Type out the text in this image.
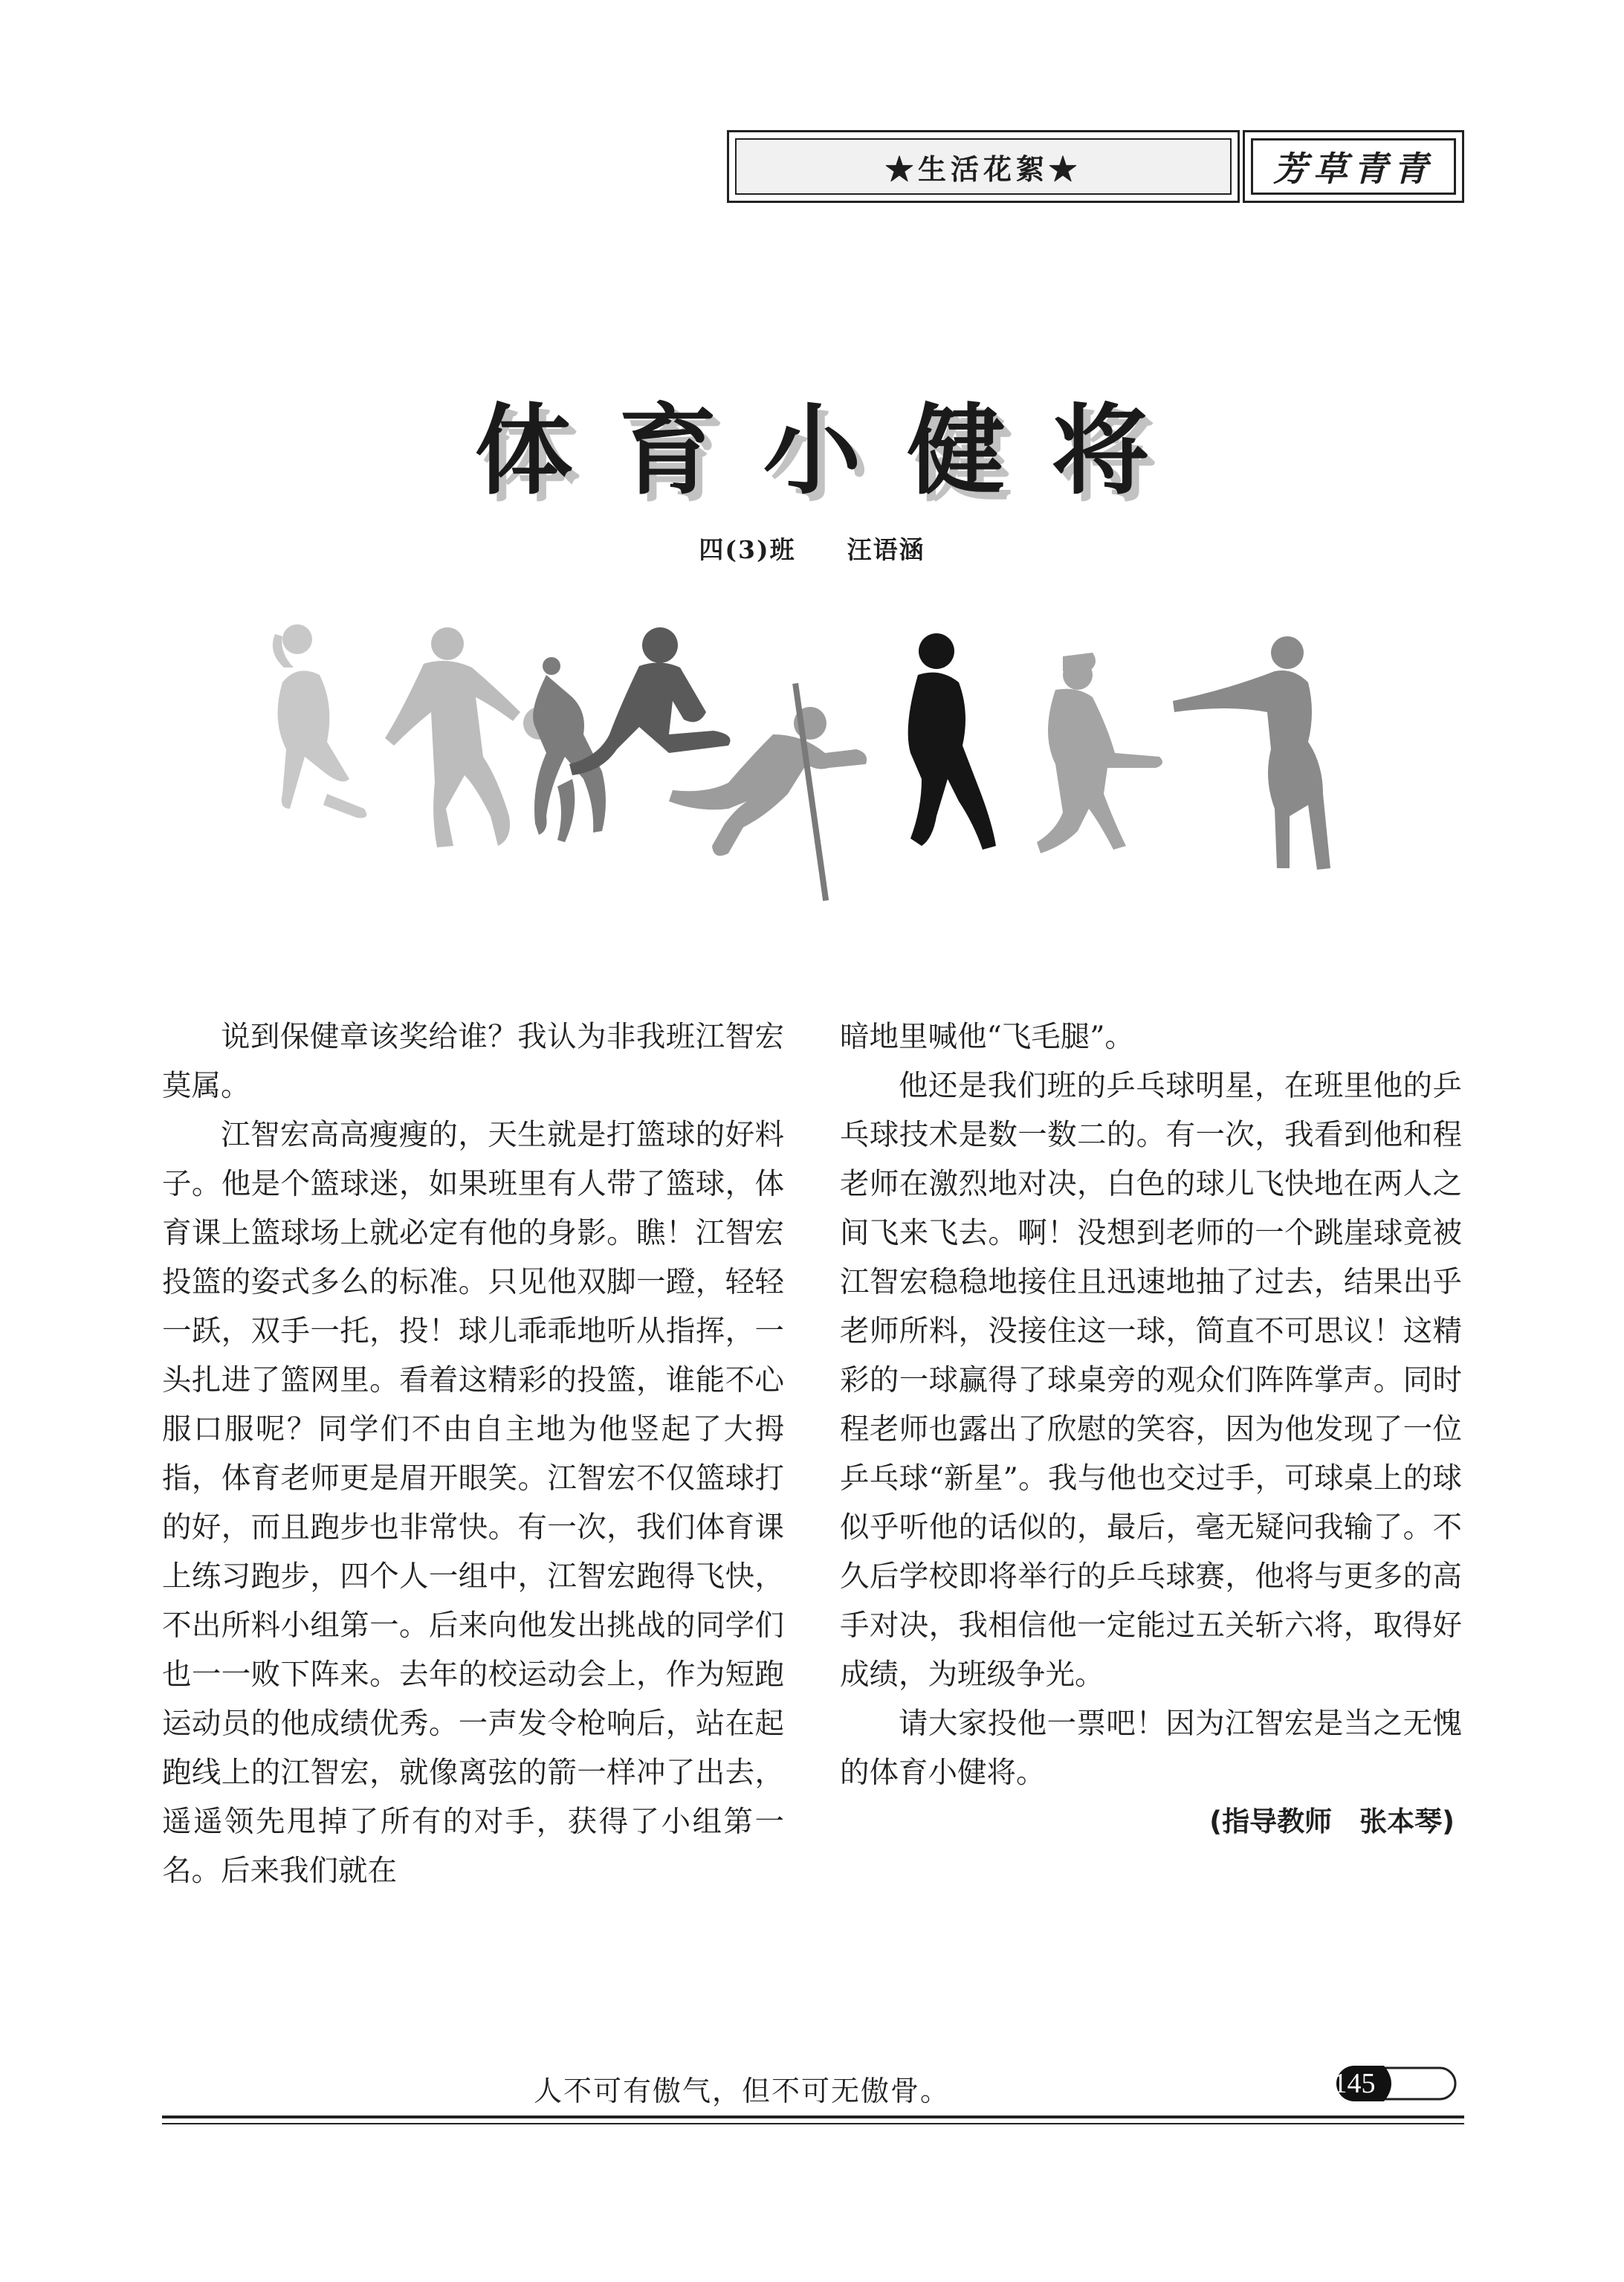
★生活花絮★	芳草青青
体育小健将
四(3)班 汪语涵

说到保健章该奖给谁？我认为非我班江智宏莫属。

江智宏高高瘦瘦的，天生就是打篮球的好料子。他是个篮球迷，如果班里有人带了篮球，体育课上篮球场上就必定有他的身影。瞧！江智宏投篮的姿式多么的标准。只见他双脚一蹬，轻轻一跃，双手一托，投！球儿乖乖地听从指挥，一头扎进了篮网里。看着这精彩的投篮，谁能不心服口服呢？同学们不由自主地为他竖起了大拇指，体育老师更是眉开眼笑。江智宏不仅篮球打的好，而且跑步也非常快。有一次，我们体育课上练习跑步，四个人一组中，江智宏跑得飞快，不出所料小组第一。后来向他发出挑战的同学们也一一败下阵来。去年的校运动会上，作为短跑运动员的他成绩优秀。一声发令枪响后，站在起跑线上的江智宏，就像离弦的箭一样冲了出去，遥遥领先甩掉了所有的对手，获得了小组第一名。后来我们就在

暗地里喊他“飞毛腿”。

他还是我们班的乒乓球明星，在班里他的乒乓球技术是数一数二的。有一次，我看到他和程老师在激烈地对决，白色的球儿飞快地在两人之间飞来飞去。啊！没想到老师的一个跳崖球竟被江智宏稳稳地接住且迅速地抽了过去，结果出乎老师所料，没接住这一球，简直不可思议！这精彩的一球赢得了球桌旁的观众们阵阵掌声。同时程老师也露出了欣慰的笑容，因为他发现了一位乒乓球“新星”。我与他也交过手，可球桌上的球似乎听他的话似的，最后，毫无疑问我输了。不久后学校即将举行的乒乓球赛，他将与更多的高手对决，我相信他一定能过五关斩六将，取得好成绩，为班级争光。

请大家投他一票吧！因为江智宏是当之无愧的体育小健将。

(指导教师　张本琴)
人不可有傲气，但不可无傲骨。	145
